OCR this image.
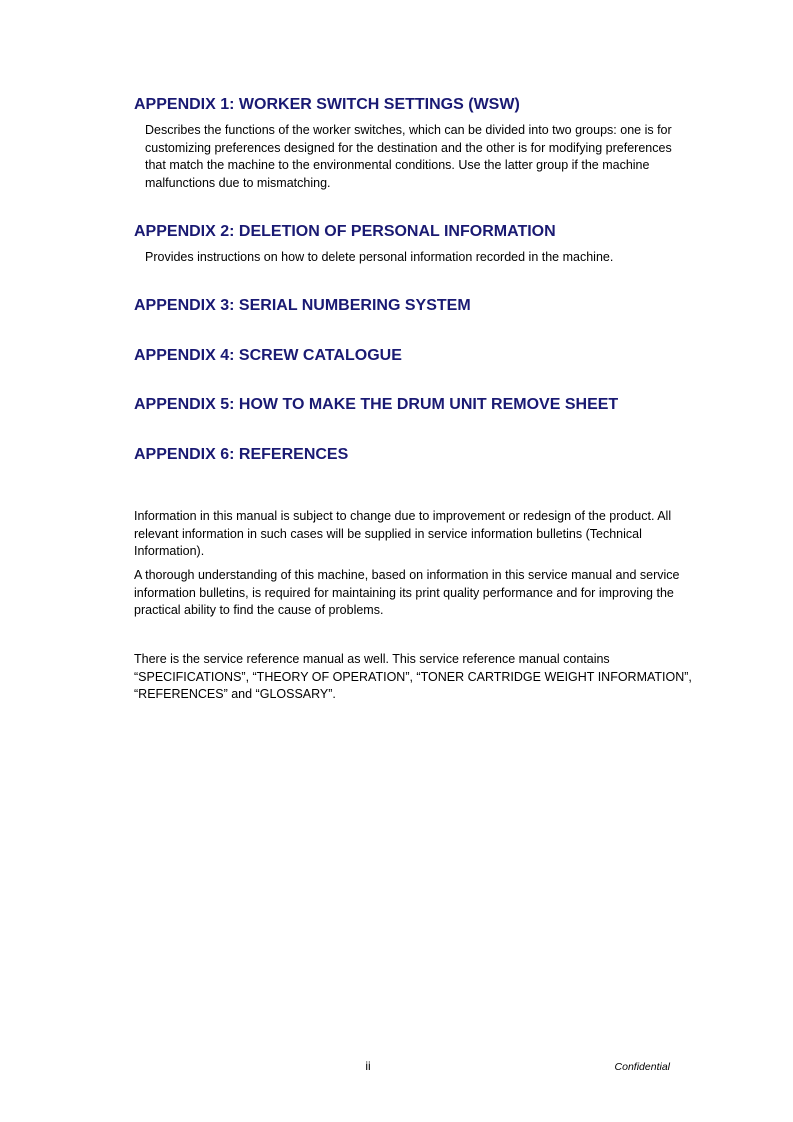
APPENDIX 1: WORKER SWITCH SETTINGS (WSW)

Describes the functions of the worker switches, which can be divided into two groups: one is for customizing preferences designed for the destination and the other is for modifying preferences that match the machine to the environmental conditions. Use the latter group if the machine malfunctions due to mismatching.

APPENDIX 2: DELETION OF PERSONAL INFORMATION

Provides instructions on how to delete personal information recorded in the machine.

APPENDIX 3: SERIAL NUMBERING SYSTEM
APPENDIX 4: SCREW CATALOGUE
APPENDIX 5: HOW TO MAKE THE DRUM UNIT REMOVE SHEET
APPENDIX 6: REFERENCES

Information in this manual is subject to change due to improvement or redesign of the product. All relevant information in such cases will be supplied in service information bulletins (Technical Information).

A thorough understanding of this machine, based on information in this service manual and service information bulletins, is required for maintaining its print quality performance and for improving the practical ability to find the cause of problems.

There is the service reference manual as well. This service reference manual contains “SPECIFICATIONS”, “THEORY OF OPERATION”, “TONER CARTRIDGE WEIGHT INFORMATION”, “REFERENCES” and “GLOSSARY”.

ii	Confidential
